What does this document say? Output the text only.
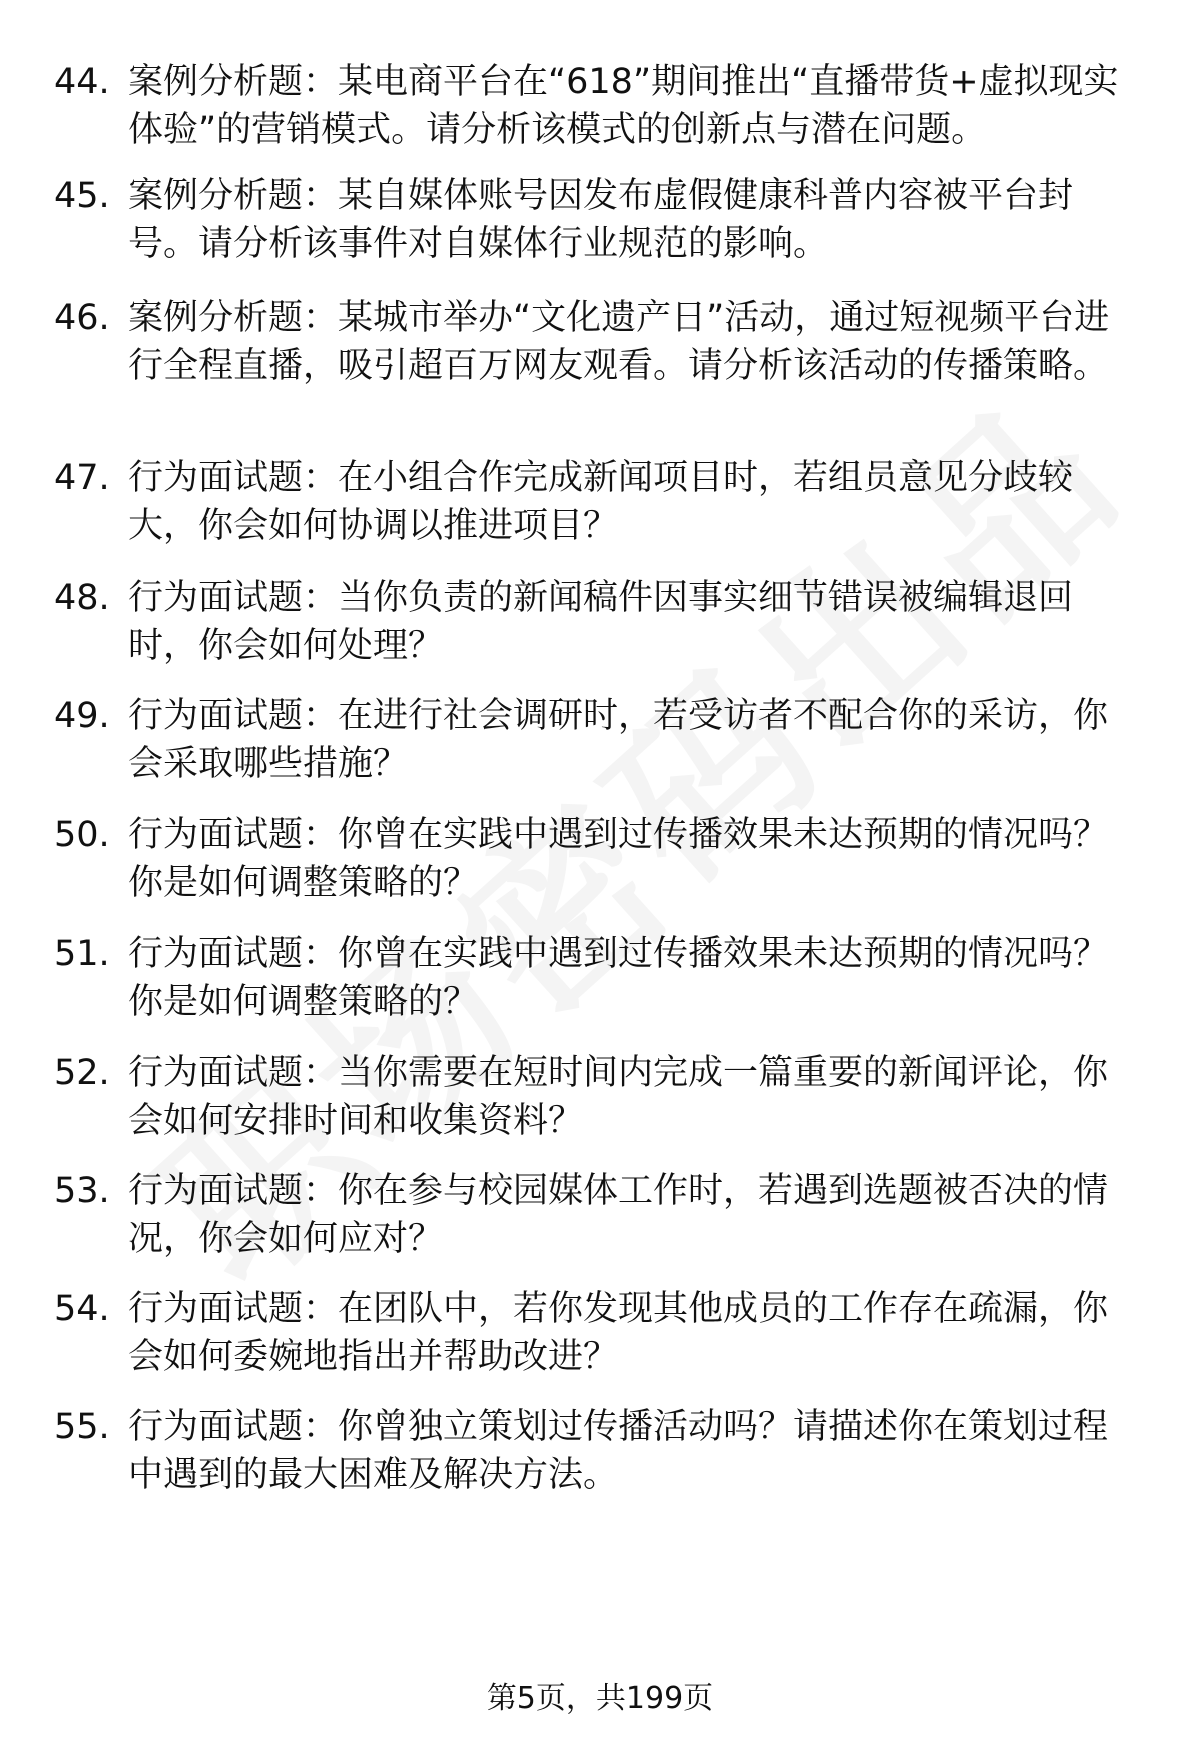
44. 案例分析题：某电商平台在“618”期间推出“直播带货+虚拟现实体验”的营销模式。请分析该模式的创新点与潜在问题。
45. 案例分析题：某自媒体账号因发布虚假健康科普内容被平台封号。请分析该事件对自媒体行业规范的影响。
46. 案例分析题：某城市举办“文化遗产日”活动，通过短视频平台进行全程直播，吸引超百万网友观看。请分析该活动的传播策略。
47. 行为面试题：在小组合作完成新闻项目时，若组员意见分歧较大，你会如何协调以推进项目？
48. 行为面试题：当你负责的新闻稿件因事实细节错误被编辑退回时，你会如何处理？
49. 行为面试题：在进行社会调研时，若受访者不配合你的采访，你会采取哪些措施？
50. 行为面试题：你曾在实践中遇到过传播效果未达预期的情况吗？你是如何调整策略的？
51. 行为面试题：你曾在实践中遇到过传播效果未达预期的情况吗？你是如何调整策略的？
52. 行为面试题：当你需要在短时间内完成一篇重要的新闻评论，你会如何安排时间和收集资料？
53. 行为面试题：你在参与校园媒体工作时，若遇到选题被否决的情况，你会如何应对？
54. 行为面试题：在团队中，若你发现其他成员的工作存在疏漏，你会如何委婉地指出并帮助改进？
55. 行为面试题：你曾独立策划过传播活动吗？请描述你在策划过程中遇到的最大困难及解决方法。
第5页，共199页
